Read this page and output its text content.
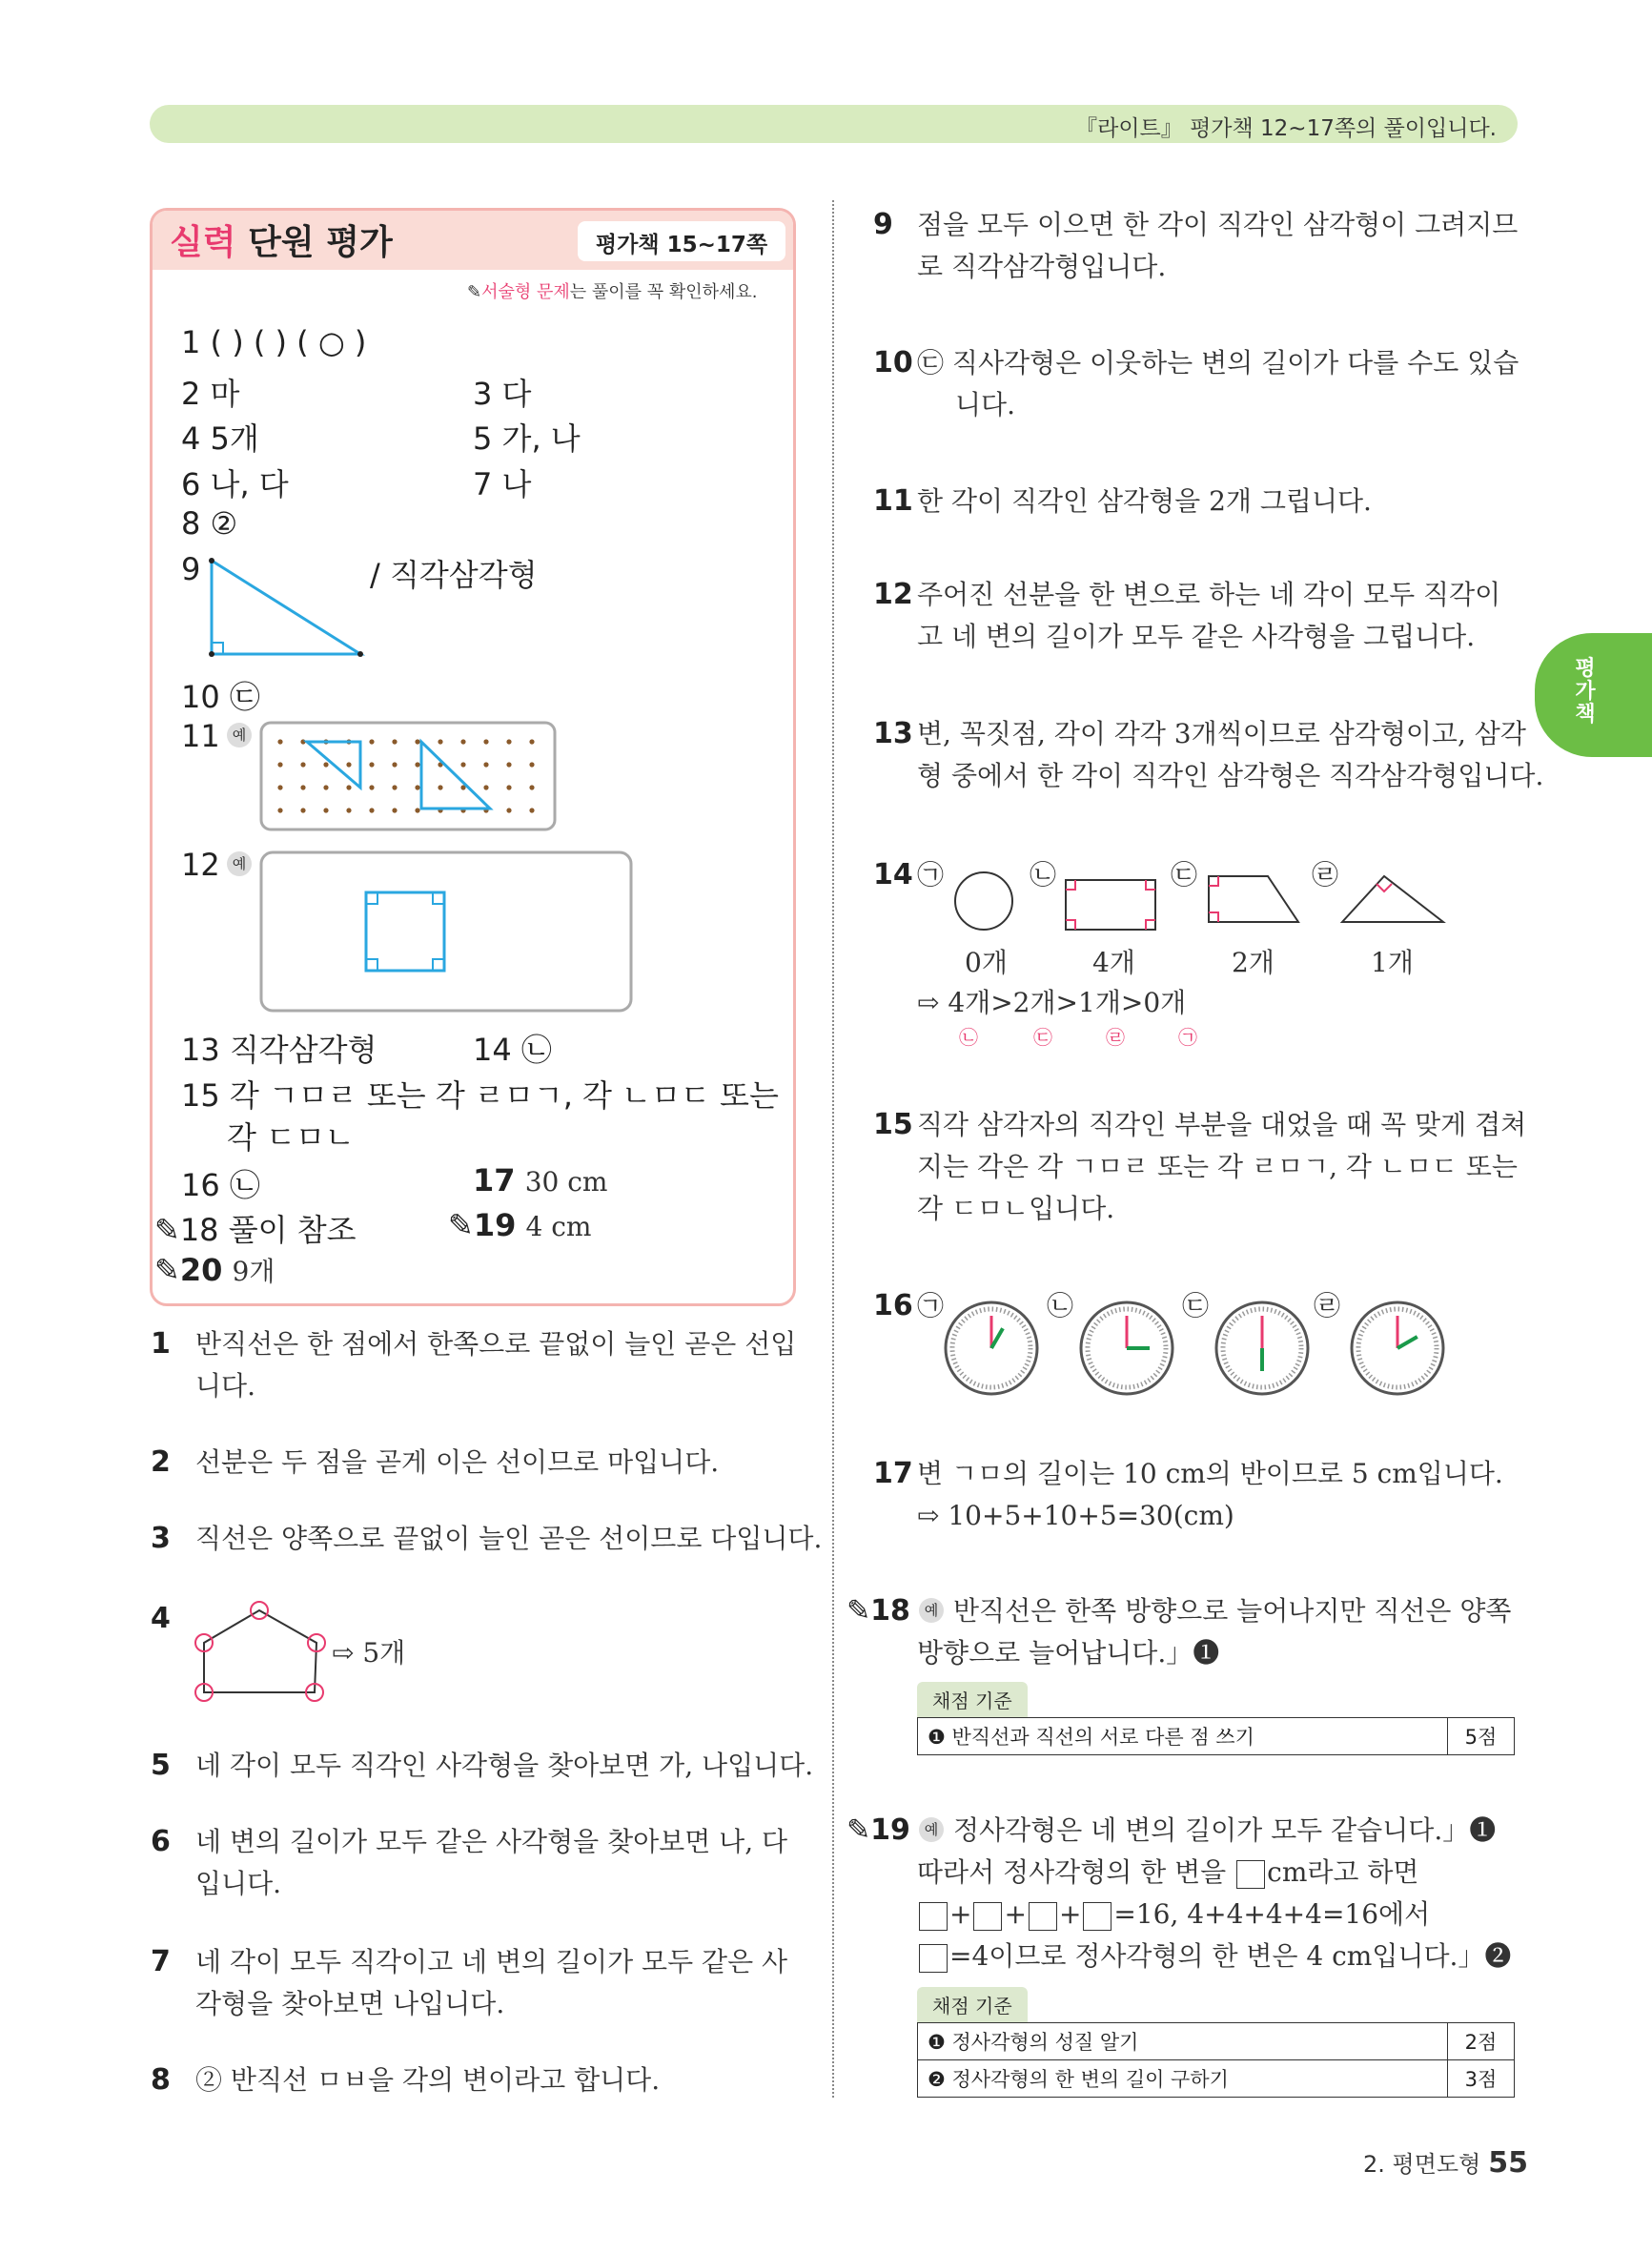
『라이트』 평가책 12~17쪽의 풀이입니다.
실력 단원 평가	평가책 15~17쪽
✎서술형 문제는 풀이를 꼭 확인하세요.
1 ( ) ( ) ( ○ )
2 마	3 다
4 5개	5 가, 나
6 나, 다	7 나
8 ②
9	/ 직각삼각형
10 ㉢
11 예
12 예
13 직각삼각형	14 ㉡
15 각 ㄱㅁㄹ 또는 각 ㄹㅁㄱ, 각 ㄴㅁㄷ 또는
각 ㄷㅁㄴ
16 ㉡	17 30 cm
✎18 풀이 참조	✎19 4 cm
✎20 9개
1 반직선은 한 점에서 한쪽으로 끝없이 늘인 곧은 선입
니다.
2 선분은 두 점을 곧게 이은 선이므로 마입니다.
3 직선은 양쪽으로 끝없이 늘인 곧은 선이므로 다입니다.
4
⇨ 5개
5 네 각이 모두 직각인 사각형을 찾아보면 가, 나입니다.
6 네 변의 길이가 모두 같은 사각형을 찾아보면 나, 다
입니다.
7 네 각이 모두 직각이고 네 변의 길이가 모두 같은 사
각형을 찾아보면 나입니다.
8 ② 반직선 ㅁㅂ을 각의 변이라고 합니다.
9 점을 모두 이으면 한 각이 직각인 삼각형이 그려지므
로 직각삼각형입니다.
10 ㉢ 직사각형은 이웃하는 변의 길이가 다를 수도 있습
니다.
11 한 각이 직각인 삼각형을 2개 그립니다.
12 주어진 선분을 한 변으로 하는 네 각이 모두 직각이
고 네 변의 길이가 모두 같은 사각형을 그립니다.
13 변, 꼭짓점, 각이 각각 3개씩이므로 삼각형이고, 삼각
형 중에서 한 각이 직각인 삼각형은 직각삼각형입니다.
14 ㉠	㉡	㉢	㉣
0개	4개	2개	1개
⇨ 4개>2개>1개>0개
㉡	㉢	㉣	㉠
15 직각 삼각자의 직각인 부분을 대었을 때 꼭 맞게 겹쳐
지는 각은 각 ㄱㅁㄹ 또는 각 ㄹㅁㄱ, 각 ㄴㅁㄷ 또는
각 ㄷㅁㄴ입니다.
16 ㉠	㉡	㉢	㉣
17 변 ㄱㅁ의 길이는 10 cm의 반이므로 5 cm입니다.
⇨ 10+5+10+5=30(cm)
✎18 예 반직선은 한쪽 방향으로 늘어나지만 직선은 양쪽
방향으로 늘어납니다.」❶
채점 기준
❶ 반직선과 직선의 서로 다른 점 쓰기	5점
✎19 예 정사각형은 네 변의 길이가 모두 같습니다.」❶
따라서 정사각형의 한 변을 cm라고 하면
+ + + =16, 4+4+4+4=16에서
=4이므로 정사각형의 한 변은 4 cm입니다.」❷
채점 기준
❶ 정사각형의 성질 알기	2점
❷ 정사각형의 한 변의 길이 구하기	3점
평가책
2. 평면도형 55
